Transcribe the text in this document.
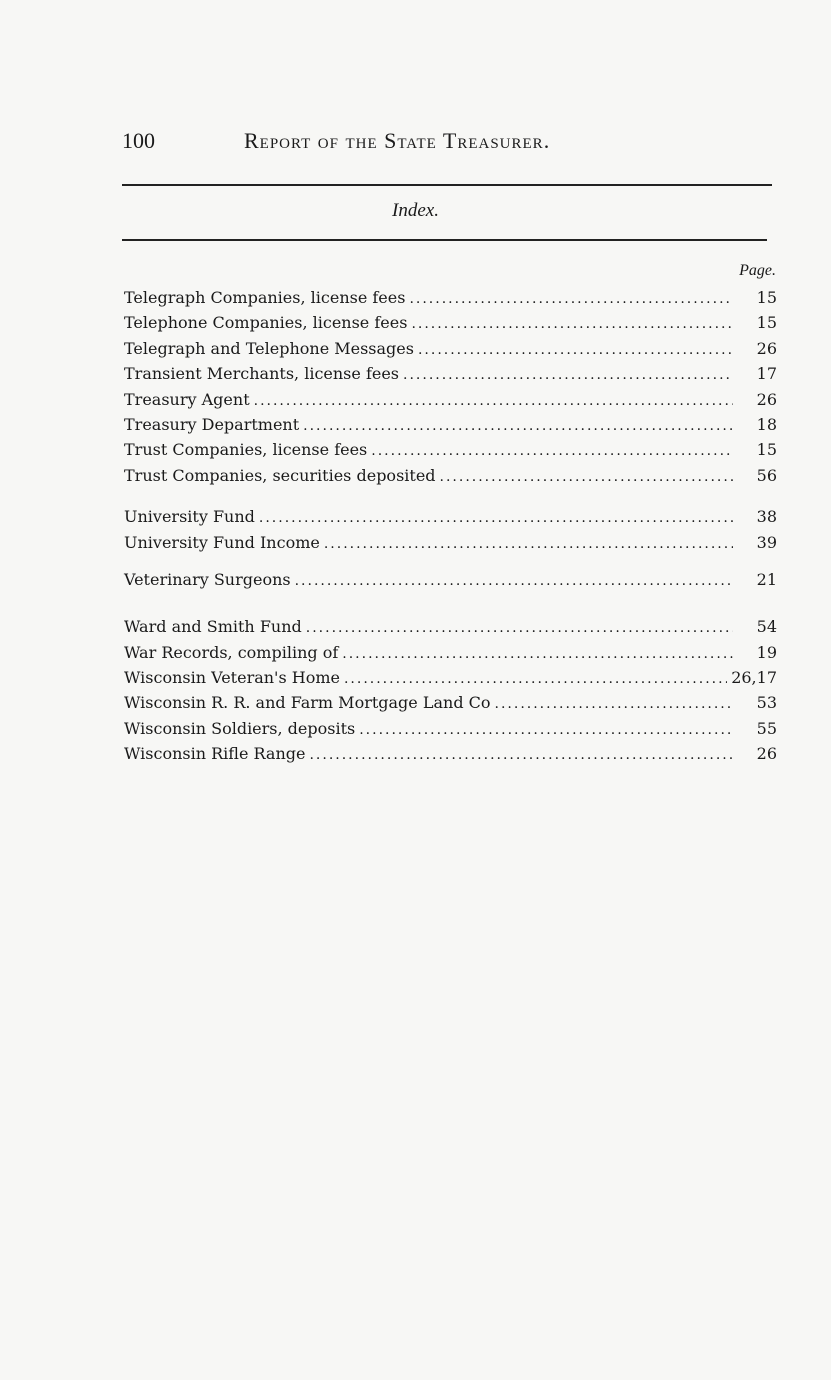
100	Report of the State Treasurer.
Index.
Page.
Telegraph Companies, license fees .....	15
Telephone Companies, license fees .....	15
Telegraph and Telephone Messages .....	26
Transient Merchants, license fees .....	17
Treasury Agent .....	26
Treasury Department .....	18
Trust Companies, license fees .....	15
Trust Companies, securities deposited .....	56
University Fund .....	38
University Fund Income .....	39
Veterinary Surgeons .....	21
Ward and Smith Fund .....	54
War Records, compiling of .....	19
Wisconsin Veteran's Home .....	26,17
Wisconsin R. R. and Farm Mortgage Land Co .....	53
Wisconsin Soldiers, deposits .....	55
Wisconsin Rifle Range .....	26
